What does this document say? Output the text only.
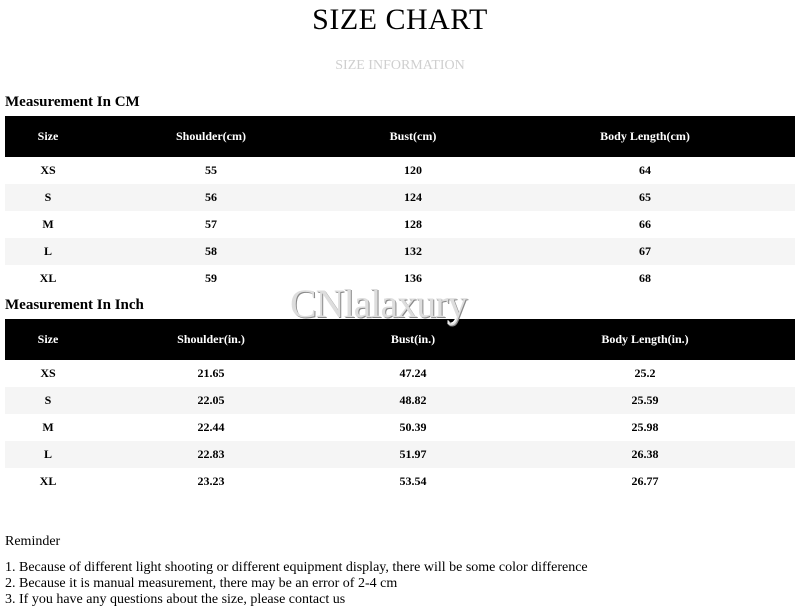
SIZE CHART
SIZE INFORMATION
Measurement In CM
Size	Shoulder(cm)	Bust(cm)	Body Length(cm)
XS	55	120	64
S	56	124	65
M	57	128	66
L	58	132	67
XL	59	136	68
Measurement In Inch
Size	Shoulder(in.)	Bust(in.)	Body Length(in.)
XS	21.65	47.24	25.2
S	22.05	48.82	25.59
M	22.44	50.39	25.98
L	22.83	51.97	26.38
XL	23.23	53.54	26.77
CNlalaxury
Reminder
1. Because of different light shooting or different equipment display, there will be some color difference
2. Because it is manual measurement, there may be an error of 2-4 cm
3. If you have any questions about the size, please contact us
